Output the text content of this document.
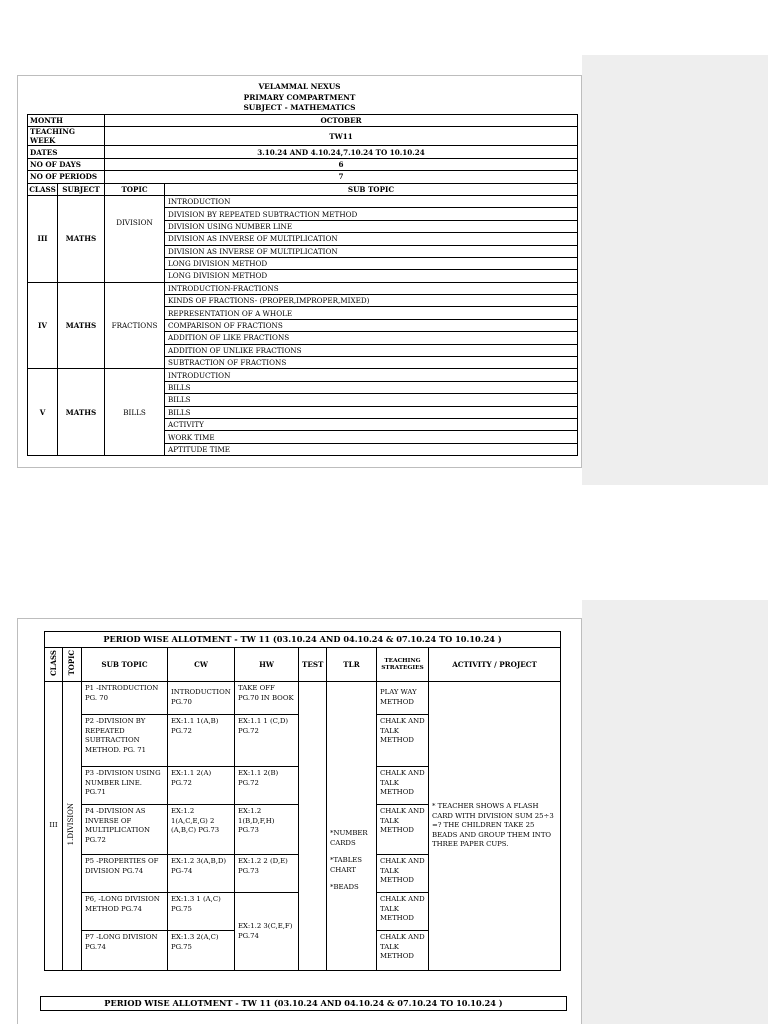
VELAMMAL NEXUS
PRIMARY COMPARTMENT
SUBJECT - MATHEMATICS
MONTH		OCTOBER	
TEACHING WEEK		TW11	
DATES		3.10.24 AND 4.10.24,7.10.24 TO 10.10.24	
NO OF DAYS		6	
NO OF PERIODS		7	
CLASS	SUBJECT	TOPIC	SUB TOPIC
III	MATHS	DIVISION	INTRODUCTION
			DIVISION BY REPEATED SUBTRACTION METHOD
			DIVISION USING NUMBER LINE
			DIVISION AS INVERSE OF MULTIPLICATION
			DIVISION AS INVERSE OF MULTIPLICATION
			LONG DIVISION METHOD
			LONG DIVISION METHOD
IV	MATHS	FRACTIONS	INTRODUCTION-FRACTIONS
			KINDS OF FRACTIONS- (PROPER,IMPROPER,MIXED)
			REPRESENTATION OF A WHOLE
			COMPARISON OF FRACTIONS
			ADDITION OF LIKE FRACTIONS
			ADDITION OF UNLIKE FRACTIONS
			SUBTRACTION OF FRACTIONS
V	MATHS	BILLS	INTRODUCTION
			BILLS
			BILLS
			BILLS
			ACTIVITY
			WORK TIME
			APTITUDE TIME
PERIOD WISE ALLOTMENT - TW 11 (03.10.24 AND 04.10.24 & 07.10.24 TO 10.10.24 )								
CLASS	TOPIC	SUB TOPIC	CW	HW	TEST	TLR	TEACHING STRATEGIES	ACTIVITY / PROJECT
III	1.DIVISION	P1 -INTRODUCTION PG. 70	INTRODUCTION PG.70	TAKE OFF PG.70 IN BOOK		*NUMBER CARDS
*TABLES CHART
*BEADS	PLAY WAY METHOD	* TEACHER SHOWS A FLASH CARD WITH DIVISION SUM 25÷3 =? THE CHILDREN TAKE 25 BEADS AND GROUP THEM INTO THREE PAPER CUPS.
		P2 -DIVISION BY REPEATED SUBTRACTION METHOD. PG. 71	EX:1.1 1(A,B) PG.72	EX:1.1 1 (C,D) PG.72			CHALK AND TALK METHOD	
		P3 -DIVISION USING NUMBER LINE. PG.71	EX:1.1 2(A) PG.72	EX:1.1 2(B) PG.72			CHALK AND TALK METHOD	
		P4 -DIVISION AS INVERSE OF MULTIPLICATION PG.72	EX:1.2 1(A,C,E,G) 2 (A,B,C) PG.73	EX:1.2 1(B,D,F,H) PG.73			CHALK AND TALK METHOD	
		P5 -PROPERTIES OF DIVISION PG.74	EX:1.2 3(A,B,D) PG-74	EX:1.2 2 (D,E) PG.73			CHALK AND TALK METHOD	
		P6, -LONG DIVISION METHOD PG.74	EX:1.3 1 (A,C) PG.75	EX:1.2 3(C,E,F) PG.74			CHALK AND TALK METHOD	
		P7 -LONG DIVISION PG.74	EX:1.3 2(A,C) PG.75				CHALK AND TALK METHOD	
PERIOD WISE ALLOTMENT - TW 11 (03.10.24 AND 04.10.24 & 07.10.24 TO 10.10.24 )
